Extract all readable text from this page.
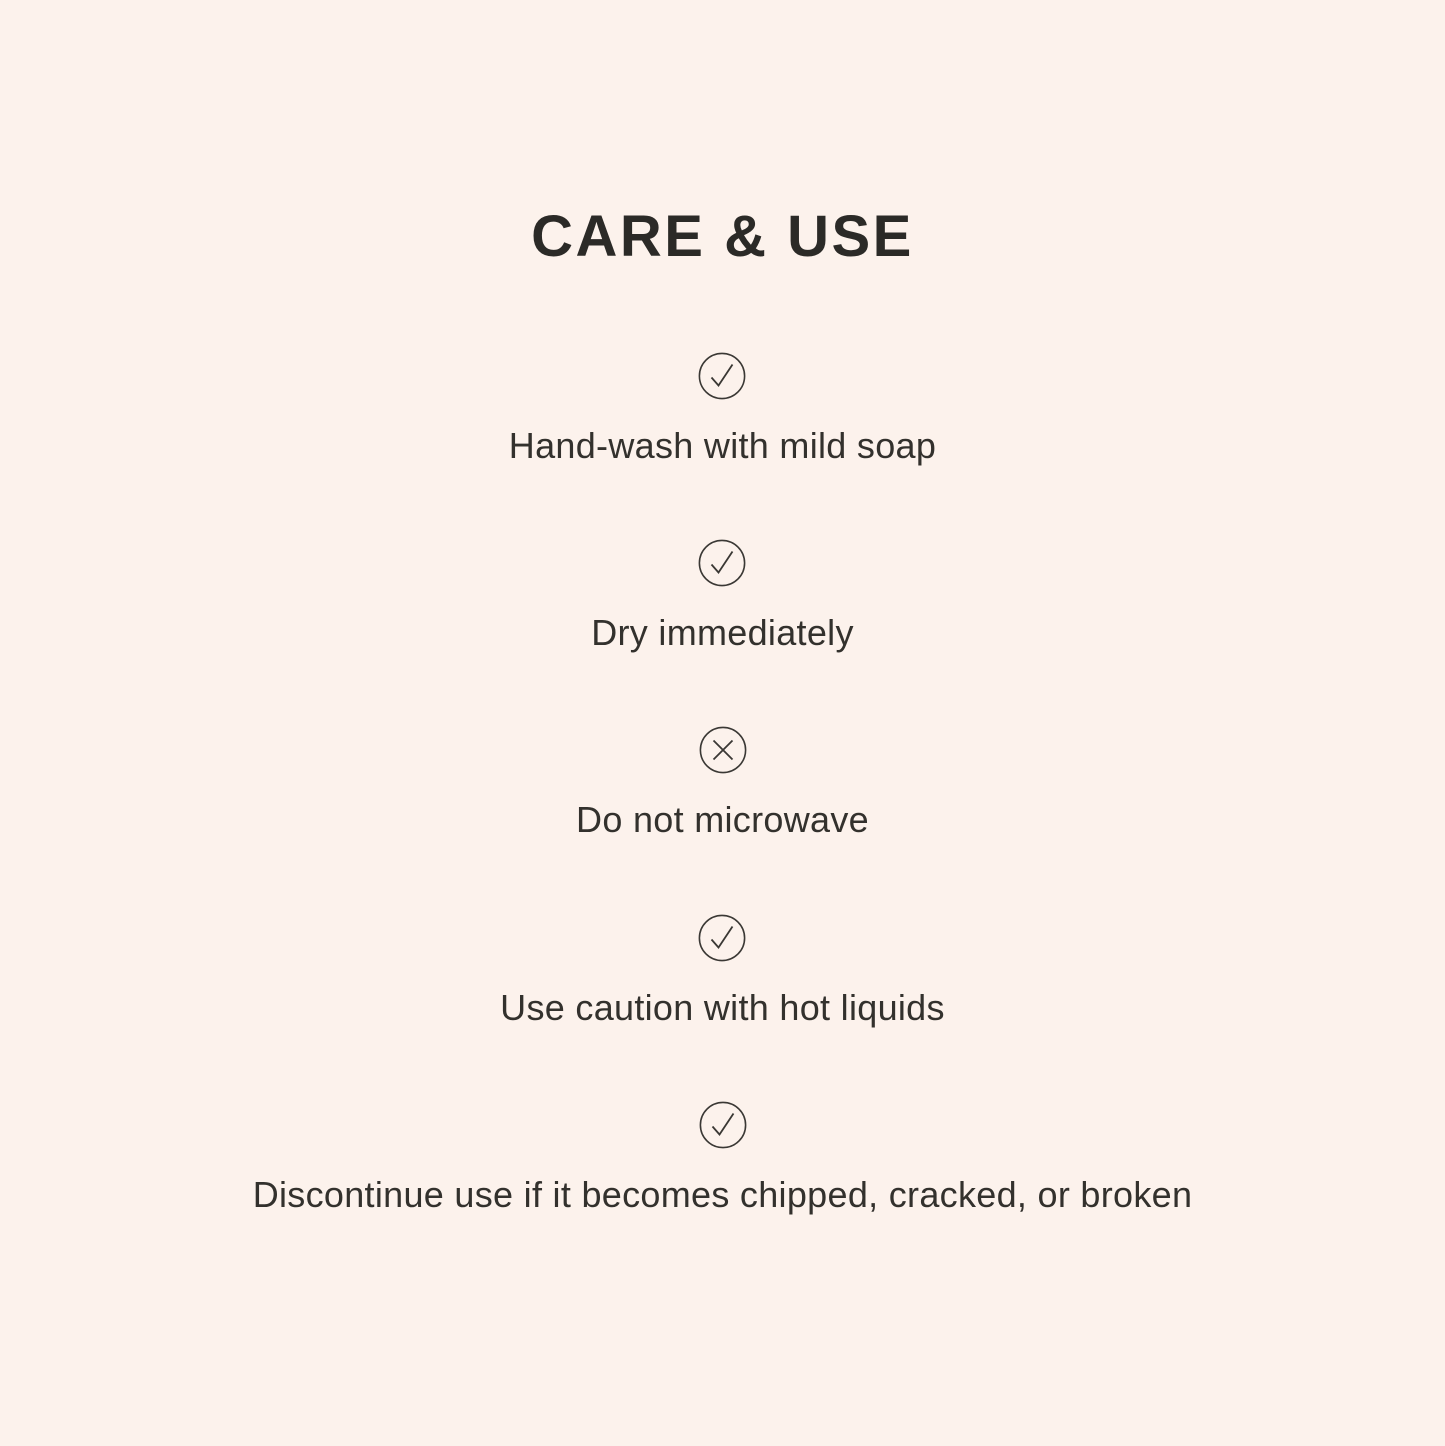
CARE & USE
Hand-wash with mild soap
Dry immediately
Do not microwave
Use caution with hot liquids
Discontinue use if it becomes chipped, cracked, or broken
